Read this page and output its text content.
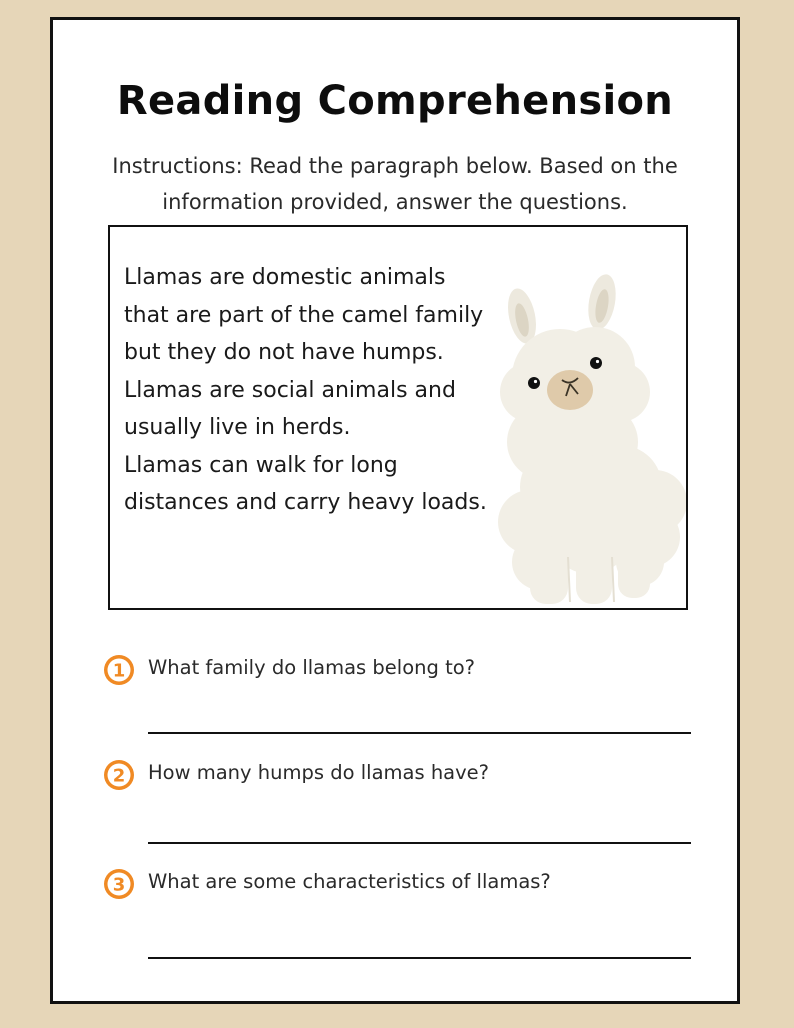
Reading Comprehension
Instructions: Read the paragraph below. Based on the information provided, answer the questions.

Llamas are domestic animals that are part of the camel family but they do not have humps.

Llamas are social animals and usually live in herds.

Llamas can walk for long distances and carry heavy loads.

1 What family do llamas belong to?
2 How many humps do llamas have?
3 What are some characteristics of llamas?
